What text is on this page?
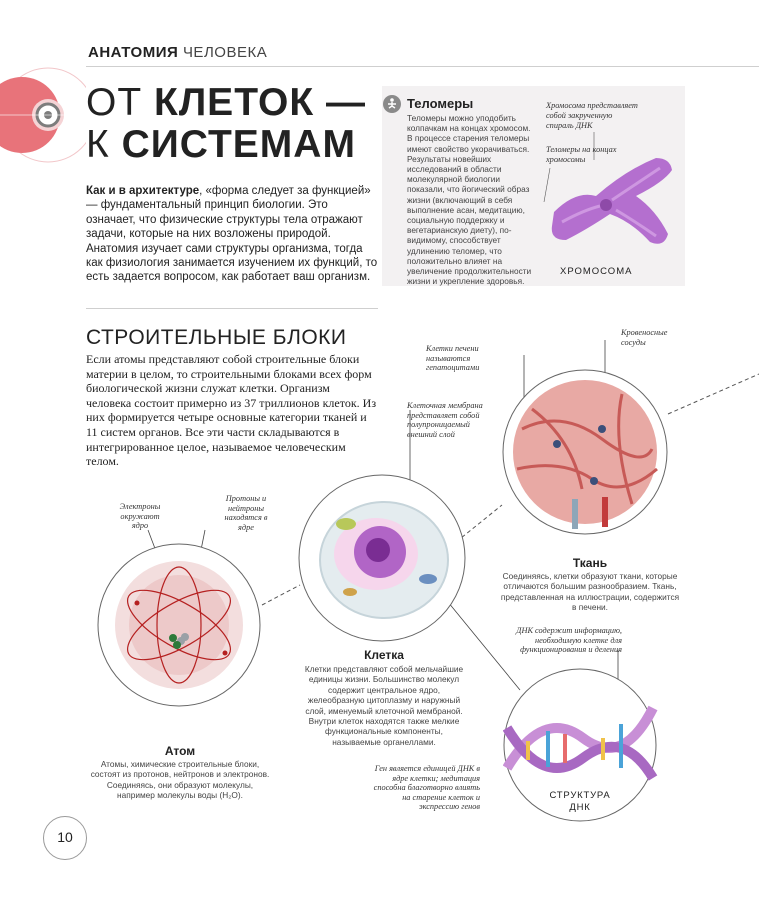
АНАТОМИЯ ЧЕЛОВЕКА
ОТ КЛЕТОК —
К СИСТЕМАМ
Как и в архитектуре, «форма следует за функцией» — фундаментальный принцип биологии. Это означает, что физические структуры тела отражают задачи, которые на них возложены природой. Анатомия изучает сами структуры организма, тогда как физиология занимается изучением их функций, то есть задается вопросом, как работает ваш организм.
Теломеры
Теломеры можно уподобить колпачкам на концах хромосом. В процессе старения теломеры имеют свойство укорачиваться. Результаты новейших исследований в области молекулярной биологии показали, что йогический образ жизни (включающий в себя выполнение асан, медитацию, социальную поддержку и вегетарианскую диету), по-видимому, способствует удлинению теломер, что положительно влияет на увеличение продолжительности жизни и укрепление здоровья.
Хромосома представляет собой закрученную спираль ДНК
Теломеры на концах хромосомы
ХРОМОСОМА
СТРОИТЕЛЬНЫЕ БЛОКИ
Если атомы представляют собой строительные блоки материи в целом, то строительными блоками всех форм биологической жизни служат клетки. Организм человека состоит примерно из 37 триллионов клеток. Из них формируется четыре основные категории тканей и 11 систем органов. Все эти части складываются в интегрированное целое, называемое человеческим телом.
Электроны окружают ядро
Протоны и нейтроны находятся в ядре
Атом
Атомы, химические строительные блоки, состоят из протонов, нейтронов и электронов. Соединяясь, они образуют молекулы, например молекулы воды (H₂O).
Клеточная мембрана представляет собой полупроницаемый внешний слой
Клетка
Клетки представляют собой мельчайшие единицы жизни. Большинство молекул содержит центральное ядро, желеобразную цитоплазму и наружный слой, именуемый клеточной мембраной. Внутри клеток находятся также мелкие функциональные компоненты, называемые органеллами.
Клетки печени называются гепатоцитами
Кровеносные сосуды
Ткань
Соединяясь, клетки образуют ткани, которые отличаются большим разнообразием. Ткань, представленная на иллюстрации, содержится в печени.
ДНК содержит информацию, необходимую клетке для функционирования и деления
Ген является единицей ДНК в ядре клетки; медитация способна благотворно влиять на старение клеток и экспрессию генов
СТРУКТУРА
ДНК
10
